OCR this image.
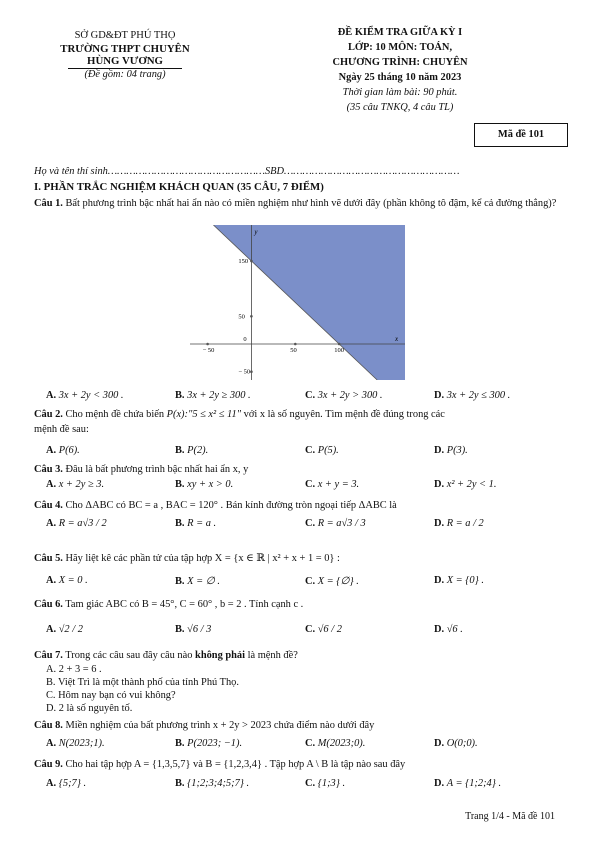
SỞ GD&ĐT PHÚ THỌ
TRƯỜNG THPT CHUYÊN
HÙNG VƯƠNG
(Đề gồm: 04 trang)
ĐỀ KIỂM TRA GIỮA KỲ I
LỚP: 10 MÔN: TOÁN,
CHƯƠNG TRÌNH: CHUYÊN
Ngày 25 tháng 10 năm 2023
Thời gian làm bài: 90 phút.
(35 câu TNKQ, 4 câu TL)
Mã đề 101
Họ và tên thí sinh……………………………………………SBD…………………………………………………
I. PHẦN TRẮC NGHIỆM KHÁCH QUAN (35 CÂU, 7 ĐIỂM)
Câu 1. Bất phương trình bậc nhất hai ẩn nào có miền nghiệm như hình vẽ dưới đây (phần không tô đậm, kể cả đường thẳng)?
x
y
− 50
0
50	100
150
50
− 50
A. 3x + 2y < 300 .	B. 3x + 2y ≥ 300 .	C. 3x + 2y > 300 .	D. 3x + 2y ≤ 300 .
Câu 2. Cho mệnh đề chứa biến P(x):"5 ≤ x² ≤ 11" với x là số nguyên. Tìm mệnh đề đúng trong các
mệnh đề sau:
A. P(6).	B. P(2).	C. P(5).	D. P(3).
Câu 3. Đâu là bất phương trình bậc nhất hai ẩn x, y
A. x + 2y ≥ 3.	B. xy + x > 0.	C. x + y = 3.	D. x² + 2y < 1.
Câu 4. Cho ΔABC có BC = a , BAC = 120° . Bán kính đường tròn ngoại tiếp ΔABC là
A. R = a√3 / 2	B. R = a .	C. R = a√3 / 3	D. R = a / 2
Câu 5. Hãy liệt kê các phần tử của tập hợp X = {x ∈ ℝ | x² + x + 1 = 0} :
A. X = 0 .	B. X = ∅ .	C. X = {∅} .	D. X = {0} .
Câu 6. Tam giác ABC có B = 45°, C = 60° , b = 2 . Tính cạnh c .
A. √2 / 2	B. √6 / 3	C. √6 / 2	D. √6 .
Câu 7. Trong các câu sau đây câu nào không phải là mệnh đề?
A. 2 + 3 = 6 .
B. Việt Trì là một thành phố của tỉnh Phú Thọ.
C. Hôm nay bạn có vui không?
D. 2 là số nguyên tố.
Câu 8. Miền nghiệm của bất phương trình x + 2y > 2023 chứa điểm nào dưới đây
A. N(2023;1).	B. P(2023; −1).	C. M(2023;0).	D. O(0;0).
Câu 9. Cho hai tập hợp A = {1,3,5,7} và B = {1,2,3,4} . Tập hợp A \ B là tập nào sau đây
A. {5;7} .	B. {1;2;3;4;5;7} .	C. {1;3} .	D. A = {1;2;4} .
Trang 1/4 - Mã đề 101
